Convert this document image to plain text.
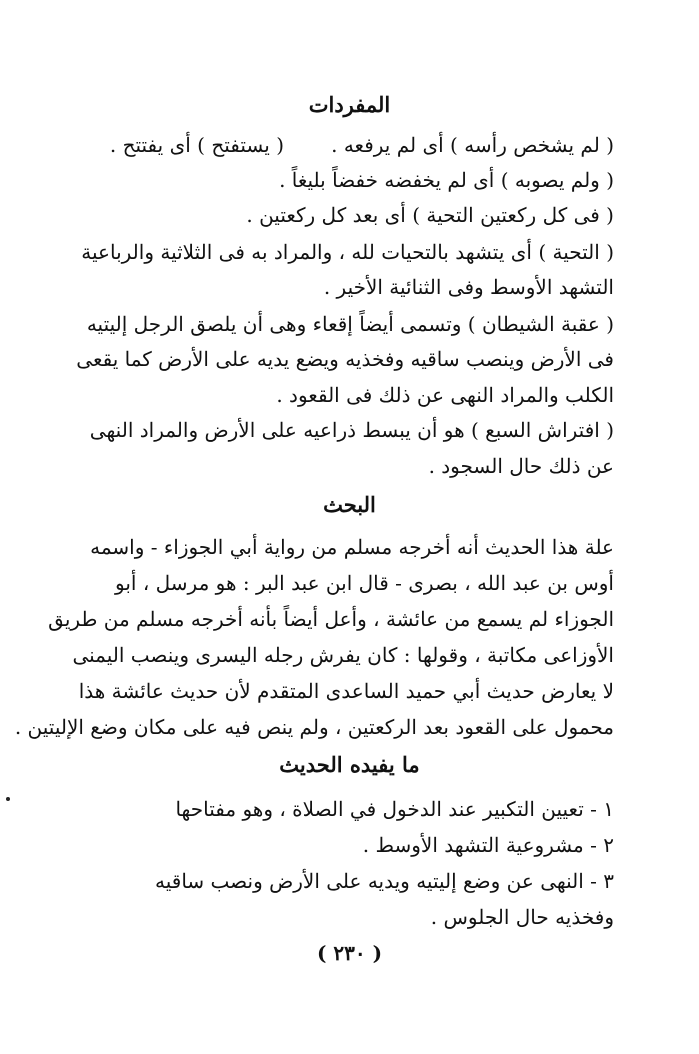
المفردات
( يستفتح ) أى يفتتح . ( لم يشخص رأسه ) أى لم يرفعه .
( ولم يصوبه ) أى لم يخفضه خفضاً بليغاً .
( فى كل ركعتين التحية ) أى بعد كل ركعتين .
( التحية ) أى يتشهد بالتحيات لله ، والمراد به فى الثلاثية والرباعية
التشهد الأوسط وفى الثنائية الأخير .
( عقبة الشيطان ) وتسمى أيضاً إقعاء وهى أن يلصق الرجل إليتيه
فى الأرض وينصب ساقيه وفخذيه ويضع يديه على الأرض كما يقعى
الكلب والمراد النهى عن ذلك فى القعود .
( افتراش السبع ) هو أن يبسط ذراعيه على الأرض والمراد النهى
عن ذلك حال السجود .
البحث
علة هذا الحديث أنه أخرجه مسلم من رواية أبي الجوزاء - واسمه
أوس بن عبد الله ، بصرى - قال ابن عبد البر : هو مرسل ، أبو
الجوزاء لم يسمع من عائشة ، وأعل أيضاً بأنه أخرجه مسلم من طريق
الأوزاعى مكاتبة ، وقولها : كان يفرش رجله اليسرى وينصب اليمنى
لا يعارض حديث أبي حميد الساعدى المتقدم لأن حديث عائشة هذا
محمول على القعود بعد الركعتين ، ولم ينص فيه على مكان وضع الإليتين .
ما يفيده الحديث
١ - تعيين التكبير عند الدخول في الصلاة ، وهو مفتاحها
٢ - مشروعية التشهد الأوسط .
٣ - النهى عن وضع إليتيه ويديه على الأرض ونصب ساقيه
وفخذيه حال الجلوس .
( ٢٣٠ )
